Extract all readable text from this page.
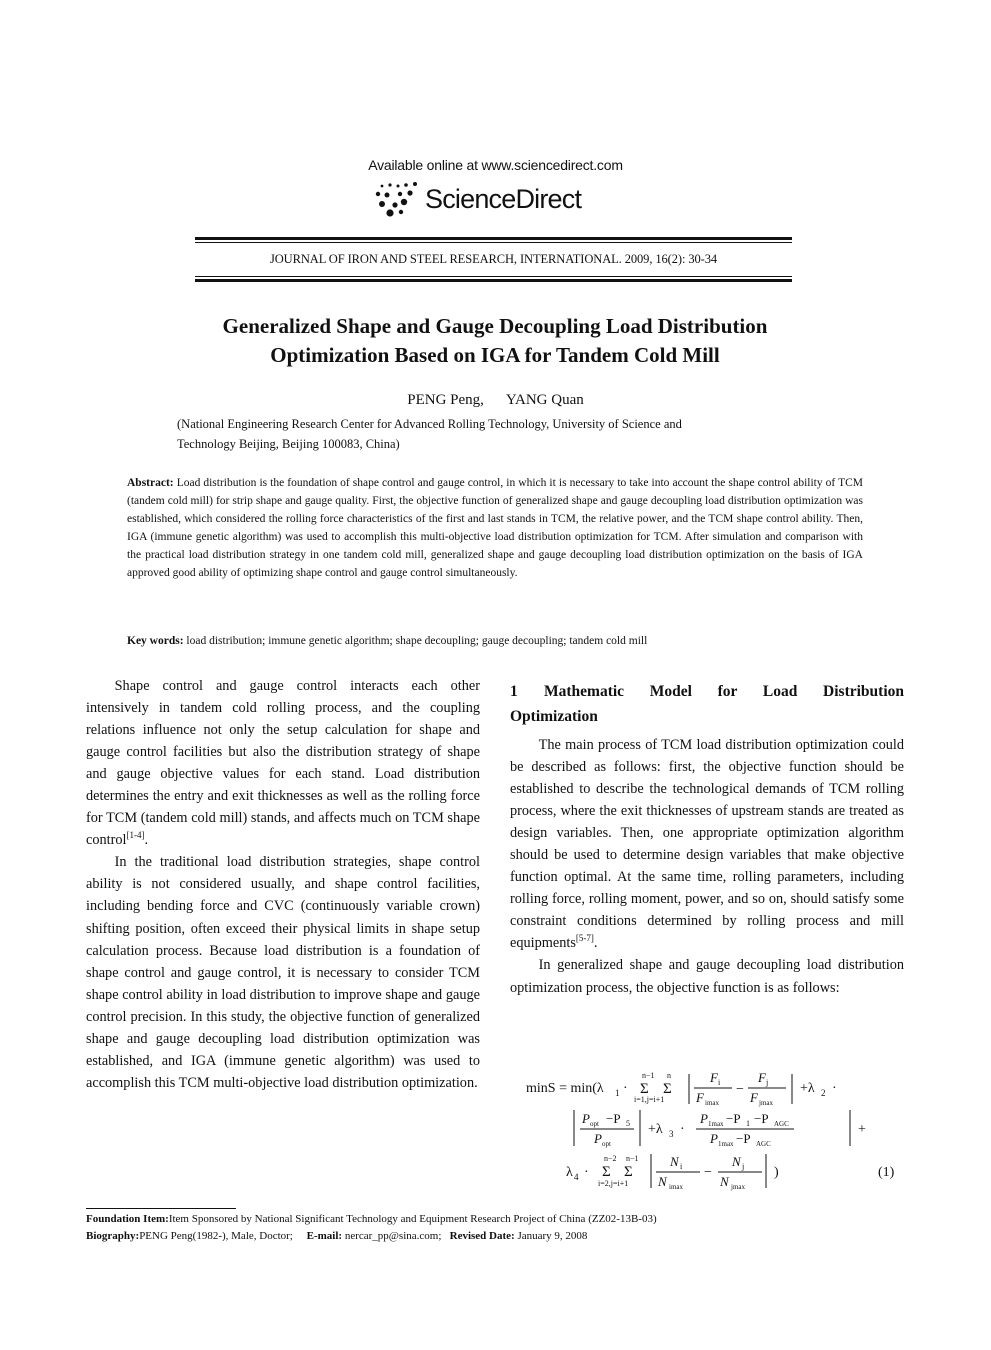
Available online at www.sciencedirect.com
ScienceDirect
JOURNAL OF IRON AND STEEL RESEARCH, INTERNATIONAL. 2009, 16(2): 30-34
Generalized Shape and Gauge Decoupling Load Distribution
Optimization Based on IGA for Tandem Cold Mill
PENG Peng,      YANG Quan
(National Engineering Research Center for Advanced Rolling Technology, University of Science and
Technology Beijing, Beijing 100083, China)
Abstract: Load distribution is the foundation of shape control and gauge control, in which it is necessary to take into account the shape control ability of TCM (tandem cold mill) for strip shape and gauge quality. First, the objective function of generalized shape and gauge decoupling load distribution optimization was established, which considered the rolling force characteristics of the first and last stands in TCM, the relative power, and the TCM shape control ability. Then, IGA (immune genetic algorithm) was used to accomplish this multi-objective load distribution optimization for TCM. After simulation and comparison with the practical load distribution strategy in one tandem cold mill, generalized shape and gauge decoupling load distribution optimization on the basis of IGA approved good ability of optimizing shape control and gauge control simultaneously.
Key words: load distribution; immune genetic algorithm; shape decoupling; gauge decoupling; tandem cold mill

Shape control and gauge control interacts each other intensively in tandem cold rolling process, and the coupling relations influence not only the setup calculation for shape and gauge control facilities but also the distribution strategy of shape and gauge objective values for each stand. Load distribution determines the entry and exit thicknesses as well as the rolling force for TCM (tandem cold mill) stands, and affects much on TCM shape control[1-4].

In the traditional load distribution strategies, shape control ability is not considered usually, and shape control facilities, including bending force and CVC (continuously variable crown) shifting position, often exceed their physical limits in shape setup calculation process. Because load distribution is a foundation of shape control and gauge control, it is necessary to consider TCM shape control ability in load distribution to improve shape and gauge control precision. In this study, the objective function of generalized shape and gauge decoupling load distribution optimization was established, and IGA (immune genetic algorithm) was used to accomplish this TCM multi-objective load distribution optimization.

1 Mathematic Model for Load Distribution Optimization

The main process of TCM load distribution optimization could be described as follows: first, the objective function should be established to describe the technological demands of TCM rolling process, where the exit thicknesses of upstream stands are treated as design variables. Then, one appropriate optimization algorithm should be used to determine design variables that make objective function optimal. At the same time, rolling parameters, including rolling force, rolling moment, power, and so on, should satisfy some constraint conditions determined by rolling process and mill equipments[5-7].

In generalized shape and gauge decoupling load distribution optimization process, the objective function is as follows:

minS = min(λ 1 ·
n−1
Σ
i=1,j=i+1
n
Σ
F i
F imax
−
F j
F jmax
+λ 2 ·
P opt −P 5
P opt
+λ 3 ·
P 1max −P 1 −P AGC
P 1max −P AGC
+
λ 4 ·
n−2
Σ
n−1
Σ
i=2,j=i+1
N i
N imax
−
N j
N jmax
)	(1)
Foundation Item:Item Sponsored by National Significant Technology and Equipment Research Project of China (ZZ02-13B-03)
Biography:PENG Peng(1982-), Male, Doctor; E-mail: nercar_pp@sina.com; Revised Date: January 9, 2008
